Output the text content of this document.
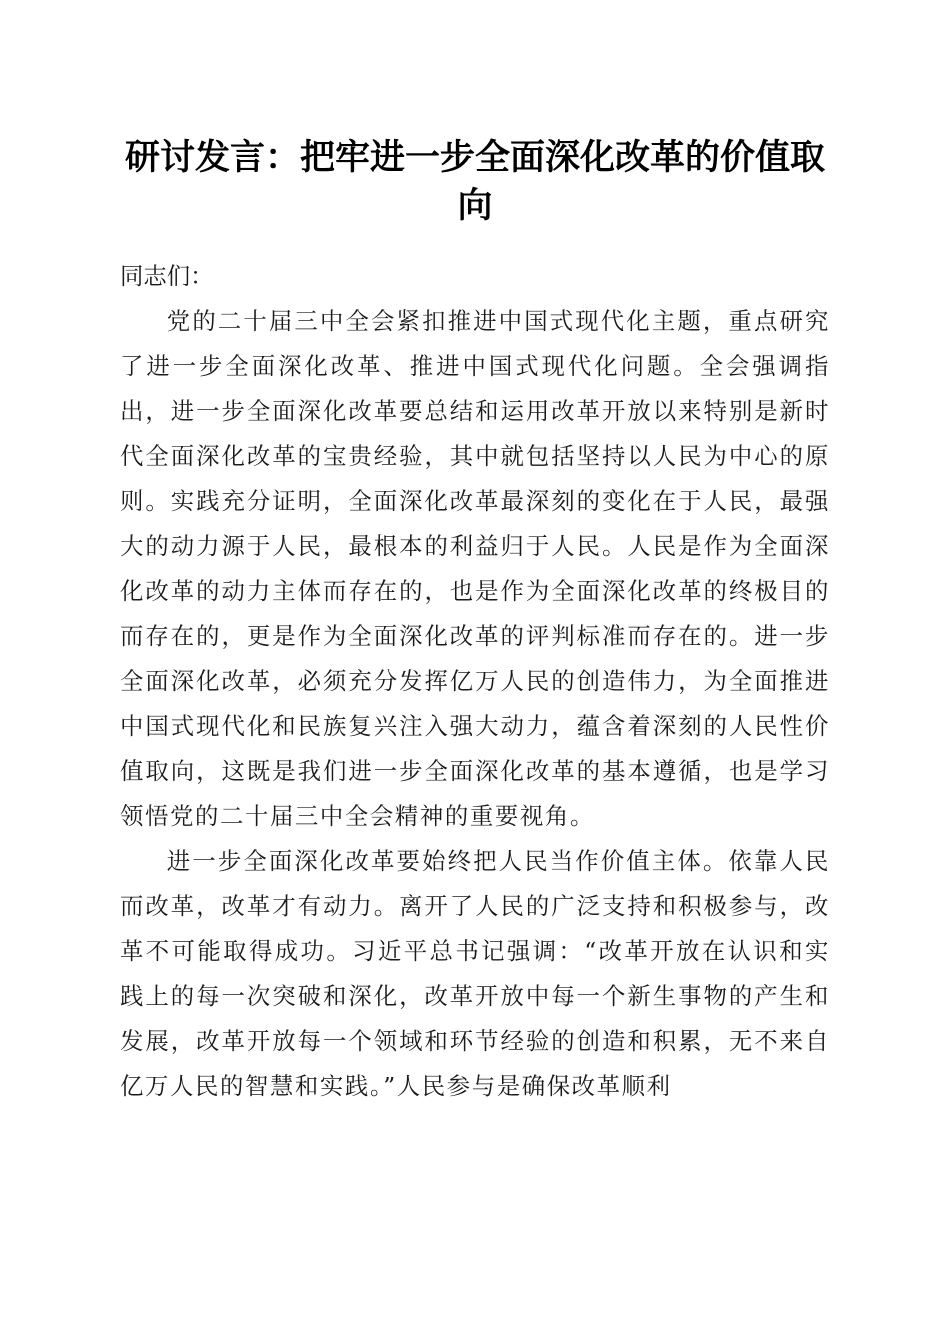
研讨发言：把牢进一步全面深化改革的价值取向

同志们：

党的二十届三中全会紧扣推进中国式现代化主题，重点研究了进一步全面深化改革、推进中国式现代化问题。全会强调指出，进一步全面深化改革要总结和运用改革开放以来特别是新时代全面深化改革的宝贵经验，其中就包括坚持以人民为中心的原则。实践充分证明，全面深化改革最深刻的变化在于人民，最强大的动力源于人民，最根本的利益归于人民。人民是作为全面深化改革的动力主体而存在的，也是作为全面深化改革的终极目的而存在的，更是作为全面深化改革的评判标准而存在的。进一步全面深化改革，必须充分发挥亿万人民的创造伟力，为全面推进中国式现代化和民族复兴注入强大动力，蕴含着深刻的人民性价值取向，这既是我们进一步全面深化改革的基本遵循，也是学习领悟党的二十届三中全会精神的重要视角。

进一步全面深化改革要始终把人民当作价值主体。依靠人民而改革，改革才有动力。离开了人民的广泛支持和积极参与，改革不可能取得成功。习近平总书记强调：“改革开放在认识和实践上的每一次突破和深化，改革开放中每一个新生事物的产生和发展，改革开放每一个领域和环节经验的创造和积累，无不来自亿万人民的智慧和实践。”人民参与是确保改革顺利
